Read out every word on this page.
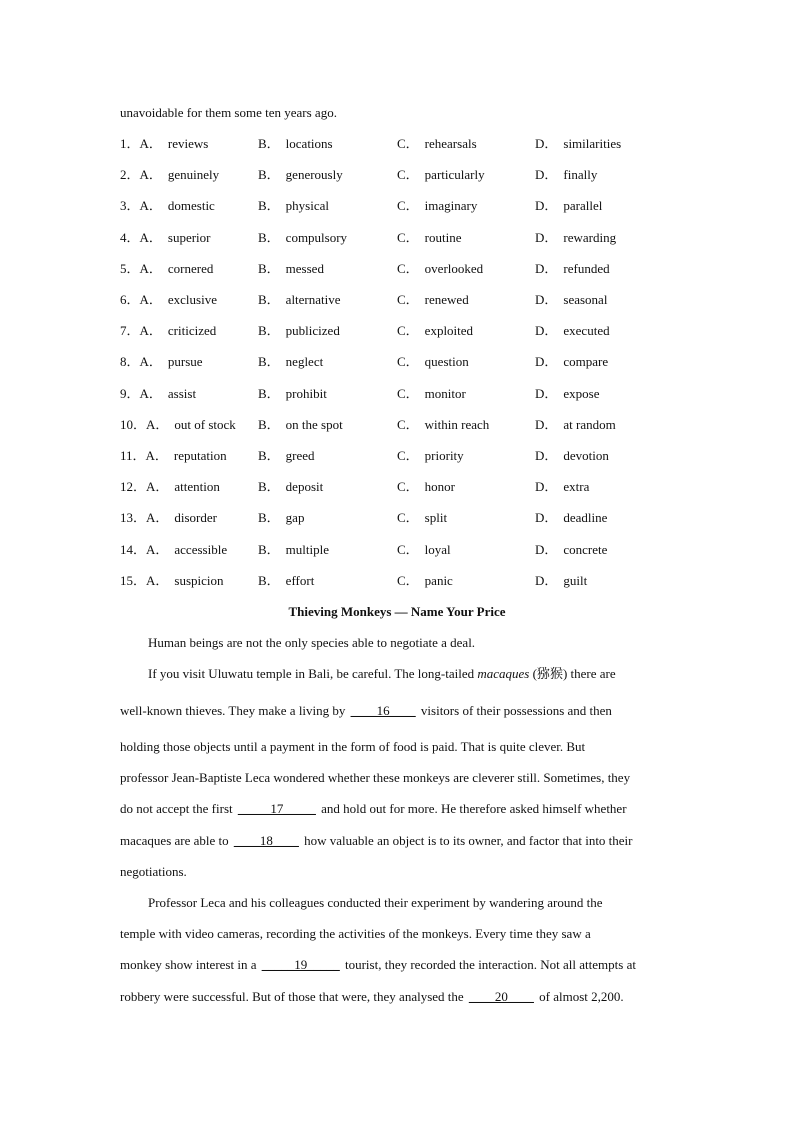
unavoidable for them some ten years ago.
1．A． reviews	B． locations	C． rehearsals	D． similarities
2．A． genuinely	B． generously	C． particularly	D． finally
3．A． domestic	B． physical	C． imaginary	D． parallel
4．A． superior	B． compulsory	C． routine	D． rewarding
5．A． cornered	B． messed	C． overlooked	D． refunded
6．A． exclusive	B． alternative	C． renewed	D． seasonal
7．A． criticized	B． publicized	C． exploited	D． executed
8．A． pursue	B． neglect	C． question	D． compare
9．A． assist	B． prohibit	C． monitor	D． expose
10．A． out of stock B． on the spot	C． within reach	D． at random
11．A． reputation B． greed	C． priority	D． devotion
12．A． attention	B． deposit	C． honor	D． extra
13．A． disorder	B． gap	C． split	D． deadline
14．A． accessible B． multiple	C． loyal	D． concrete
15．A． suspicion	B． effort	C． panic	D． guilt
Thieving Monkeys — Name Your Price
Human beings are not the only species able to negotiate a deal.
If you visit Uluwatu temple in Bali, be careful. The long-tailed macaques (猕猴) there are
well-known thieves. They make a living by ____16____ visitors of their possessions and then
holding those objects until a payment in the form of food is paid. That is quite clever. But
professor Jean-Baptiste Leca wondered whether these monkeys are cleverer still. Sometimes, they
do not accept the first _____17_____ and hold out for more. He therefore asked himself whether
macaques are able to ____18____ how valuable an object is to its owner, and factor that into their
negotiations.
Professor Leca and his colleagues conducted their experiment by wandering around the
temple with video cameras, recording the activities of the monkeys. Every time they saw a
monkey show interest in a _____19_____ tourist, they recorded the interaction. Not all attempts at
robbery were successful. But of those that were, they analysed the ____20____ of almost 2,200.
